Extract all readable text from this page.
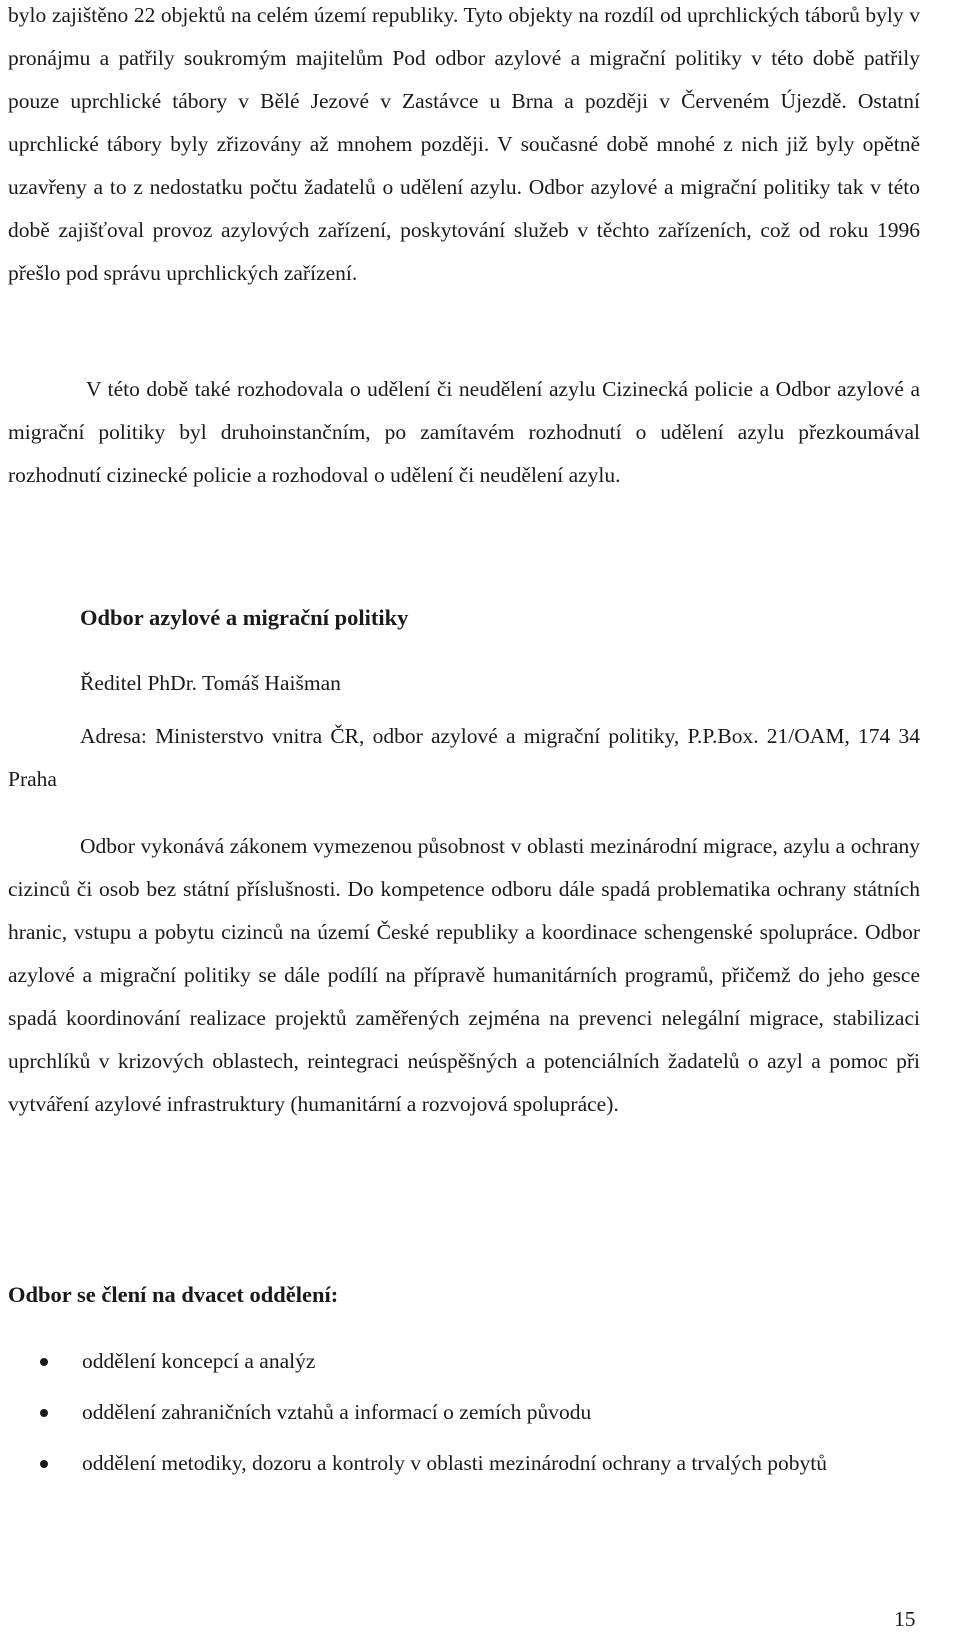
bylo zajištěno 22 objektů na celém území republiky. Tyto objekty na rozdíl od uprchlických táborů byly v pronájmu a patřily soukromým majitelům Pod odbor azylové a migrační politiky v této době patřily pouze uprchlické tábory v Bělé Jezové v Zastávce u Brna a později v Červeném Újezdě. Ostatní uprchlické tábory byly zřizovány až mnohem později. V současné době mnohé z nich již byly opětně uzavřeny a to z nedostatku počtu žadatelů o udělení azylu. Odbor azylové a migrační politiky tak v této době zajišťoval provoz azylových zařízení, poskytování služeb v těchto zařízeních, což od roku 1996 přešlo pod správu uprchlických zařízení.

V této době také rozhodovala o udělení či neudělení azylu Cizinecká policie a Odbor azylové a migrační politiky byl druhoinstančním, po zamítavém rozhodnutí o udělení azylu přezkoumával rozhodnutí cizinecké policie a rozhodoval o udělení či neudělení azylu.

Odbor azylové a migrační politiky

Ředitel PhDr. Tomáš Haišman

Adresa: Ministerstvo vnitra ČR, odbor azylové a migrační politiky, P.P.Box. 21/OAM, 174 34 Praha

Odbor vykonává zákonem vymezenou působnost v oblasti mezinárodní migrace, azylu a ochrany cizinců či osob bez státní příslušnosti. Do kompetence odboru dále spadá problematika ochrany státních hranic, vstupu a pobytu cizinců na území České republiky a koordinace schengenské spolupráce. Odbor azylové a migrační politiky se dále podílí na přípravě humanitárních programů, přičemž do jeho gesce spadá koordinování realizace projektů zaměřených zejména na prevenci nelegální migrace, stabilizaci uprchlíků v krizových oblastech, reintegraci neúspěšných a potenciálních žadatelů o azyl a pomoc při vytváření azylové infrastruktury (humanitární a rozvojová spolupráce).

Odbor se člení na dvacet oddělení:
oddělení koncepcí a analýz
oddělení zahraničních vztahů a informací o zemích původu
oddělení metodiky, dozoru a kontroly v oblasti mezinárodní ochrany a trvalých pobytů

15
